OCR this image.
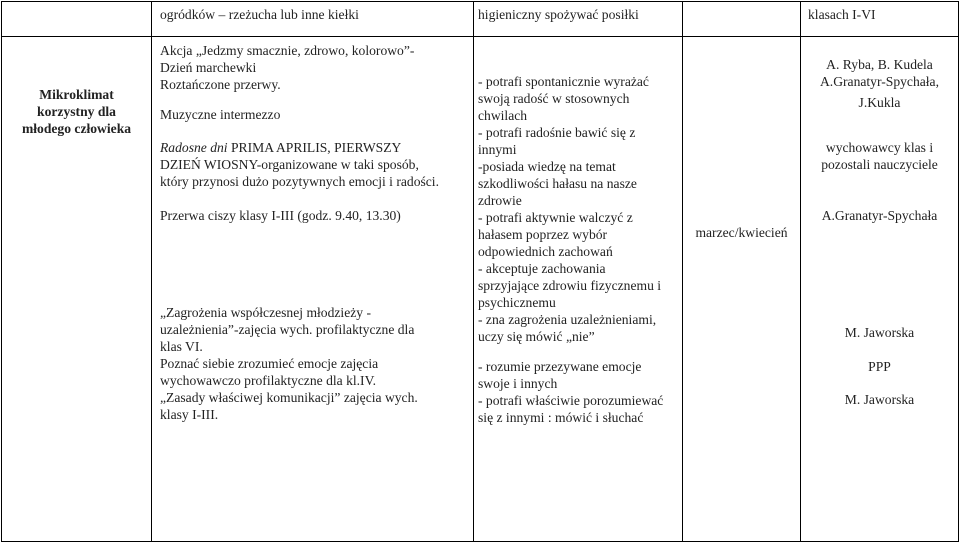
ogródków – rzeżucha lub inne kiełki	higieniczny spożywać posiłki	klasach I-VI
Mikroklimat
korzystny dla
młodego człowieka
Akcja „Jedzmy smacznie, zdrowo, kolorowo”-
Dzień marchewki
Roztańczone przerwy.
Muzyczne intermezzo
Radosne dni PRIMA APRILIS, PIERWSZY
DZIEŃ WIOSNY-organizowane w taki sposób,
który przynosi dużo pozytywnych emocji i radości.
Przerwa ciszy klasy I-III (godz. 9.40, 13.30)
„Zagrożenia współczesnej młodzieży -
uzależnienia”-zajęcia wych. profilaktyczne dla
klas VI.
Poznać siebie zrozumieć emocje zajęcia
wychowawczo profilaktyczne dla kl.IV.
„Zasady właściwej komunikacji” zajęcia wych.
klasy I-III.
- potrafi spontanicznie wyrażać
swoją radość w stosownych
chwilach
- potrafi radośnie bawić się z
innymi
-posiada wiedzę na temat
szkodliwości hałasu na nasze
zdrowie
- potrafi aktywnie walczyć z
hałasem poprzez wybór
odpowiednich zachowań
- akceptuje zachowania
sprzyjające zdrowiu fizycznemu i
psychicznemu
- zna zagrożenia uzależnieniami,
uczy się mówić „nie”
- rozumie przezywane emocje
swoje i innych
- potrafi właściwie porozumiewać
się z innymi : mówić i słuchać
marzec/kwiecień
A. Ryba, B. Kudela
A.Granatyr-Spychała,
J.Kukla
wychowawcy klas i
pozostali nauczyciele
A.Granatyr-Spychała
M. Jaworska
PPP
M. Jaworska
